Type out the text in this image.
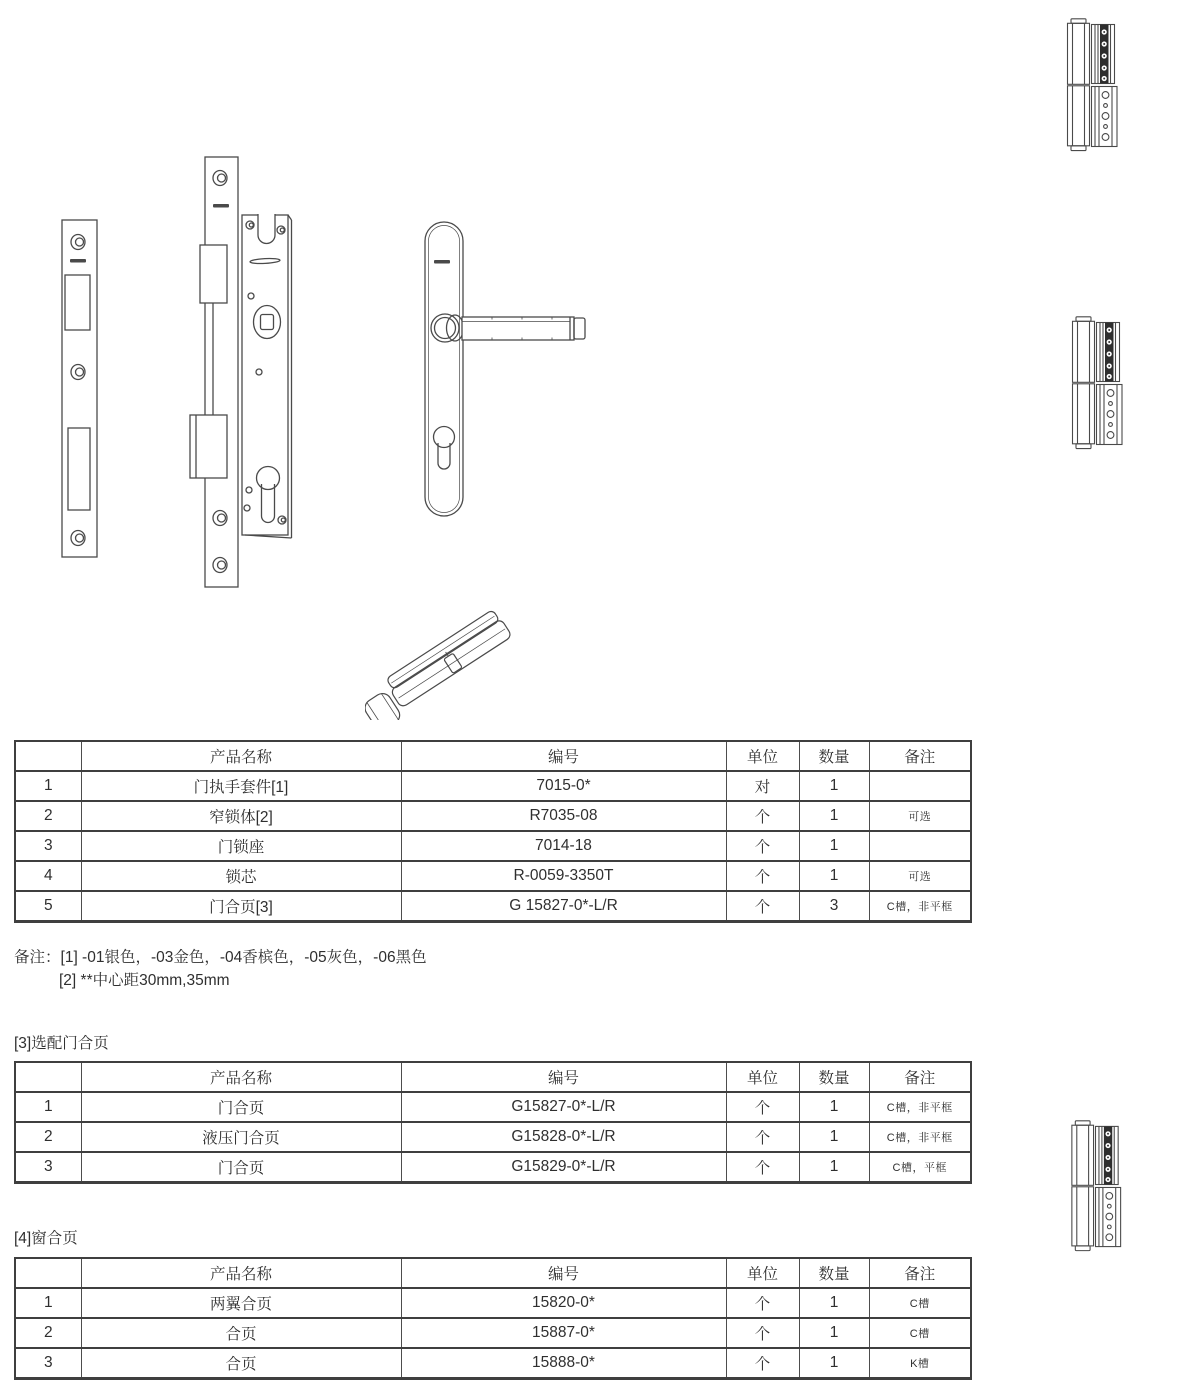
	产品名称	编号	单位	数量	备注
1	门执手套件[1]	7015-0*	对	1	
2	窄锁体[2]	R7035-08	个	1	可选
3	门锁座	7014-18	个	1	
4	锁芯	R-0059-3350T	个	1	可选
5	门合页[3]	G 15827-0*-L/R	个	3	C槽，非平框
备注：[1] -01银色，-03金色，-04香槟色，-05灰色，-06黑色
[2] **中心距30mm,35mm
[3]选配门合页
	产品名称	编号	单位	数量	备注
1	门合页	G15827-0*-L/R	个	1	C槽，非平框
2	液压门合页	G15828-0*-L/R	个	1	C槽，非平框
3	门合页	G15829-0*-L/R	个	1	C槽，平框
[4]窗合页
	产品名称	编号	单位	数量	备注
1	两翼合页	15820-0*	个	1	C槽
2	合页	15887-0*	个	1	C槽
3	合页	15888-0*	个	1	K槽
